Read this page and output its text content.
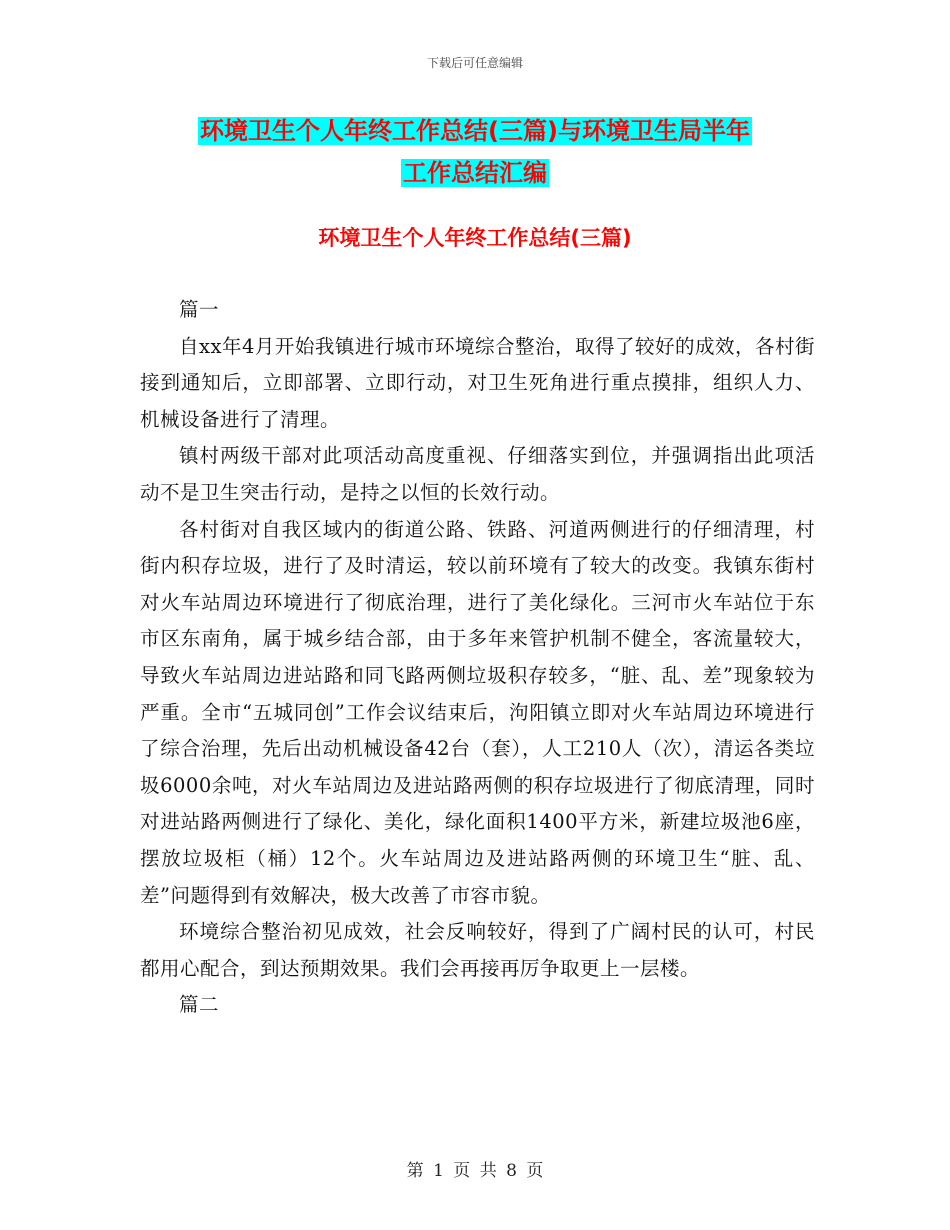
下载后可任意编辑
环境卫生个人年终工作总结(三篇)与环境卫生局半年
工作总结汇编
环境卫生个人年终工作总结(三篇)

篇一

自xx年4月开始我镇进行城市环境综合整治，取得了较好的成效，各村街接到通知后，立即部署、立即行动，对卫生死角进行重点摸排，组织人力、机械设备进行了清理。

镇村两级干部对此项活动高度重视、仔细落实到位，并强调指出此项活动不是卫生突击行动，是持之以恒的长效行动。

各村街对自我区域内的街道公路、铁路、河道两侧进行的仔细清理，村街内积存垃圾，进行了及时清运，较以前环境有了较大的改变。我镇东街村对火车站周边环境进行了彻底治理，进行了美化绿化。三河市火车站位于东市区东南角，属于城乡结合部，由于多年来管护机制不健全，客流量较大，导致火车站周边进站路和同飞路两侧垃圾积存较多，“脏、乱、差”现象较为严重。全市“五城同创”工作会议结束后，泃阳镇立即对火车站周边环境进行了综合治理，先后出动机械设备42台（套），人工210人（次），清运各类垃圾6000余吨，对火车站周边及进站路两侧的积存垃圾进行了彻底清理，同时对进站路两侧进行了绿化、美化，绿化面积1400平方米，新建垃圾池6座，摆放垃圾柜（桶）12个。火车站周边及进站路两侧的环境卫生“脏、乱、差”问题得到有效解决，极大改善了市容市貌。

环境综合整治初见成效，社会反响较好，得到了广阔村民的认可，村民都用心配合，到达预期效果。我们会再接再厉争取更上一层楼。

篇二

第 1 页 共 8 页
